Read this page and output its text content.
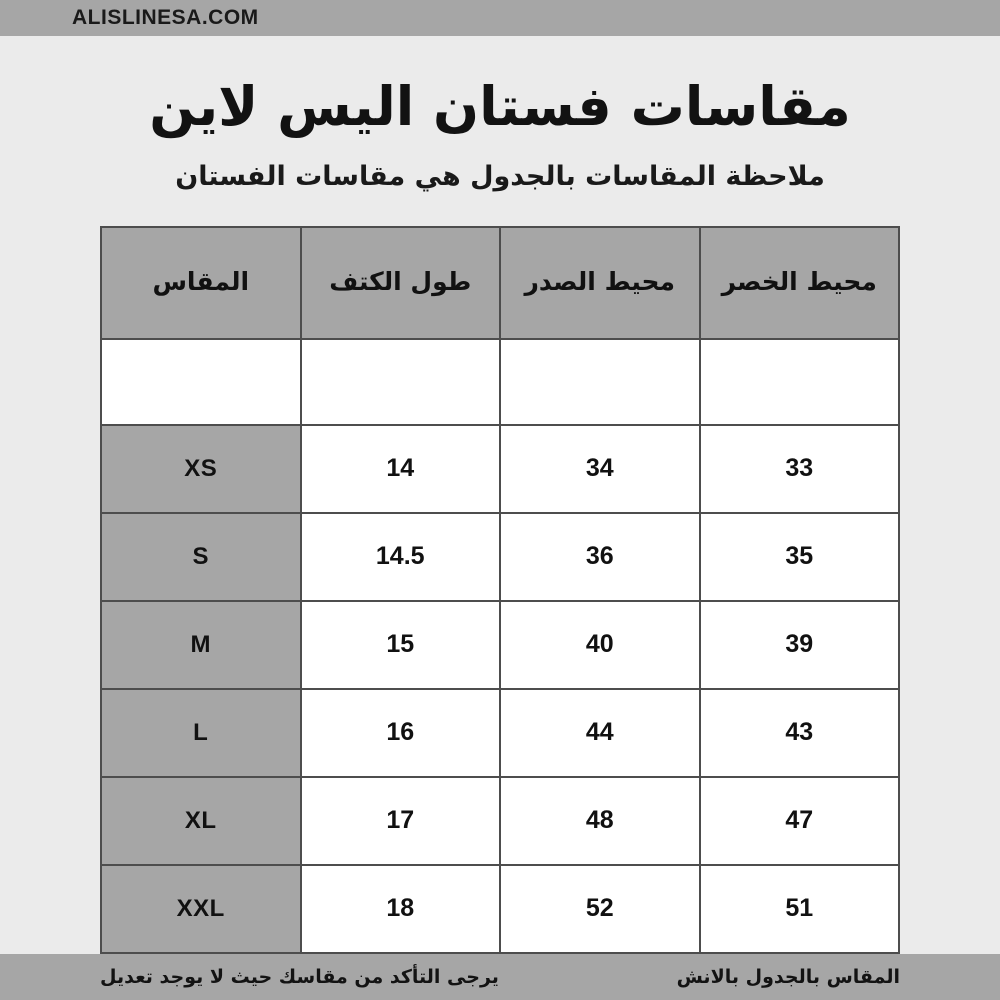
ALISLINESA.COM
مقاسات فستان اليس لاين
ملاحظة المقاسات بالجدول هي مقاسات الفستان
محيط الخصر	محيط الصدر	طول الكتف	المقاس

33	34	14	XS
35	36	14.5	S
39	40	15	M
43	44	16	L
47	48	17	XL
51	52	18	XXL
المقاس بالجدول بالانش
يرجى التأكد من مقاسك حيث لا يوجد تعديل
